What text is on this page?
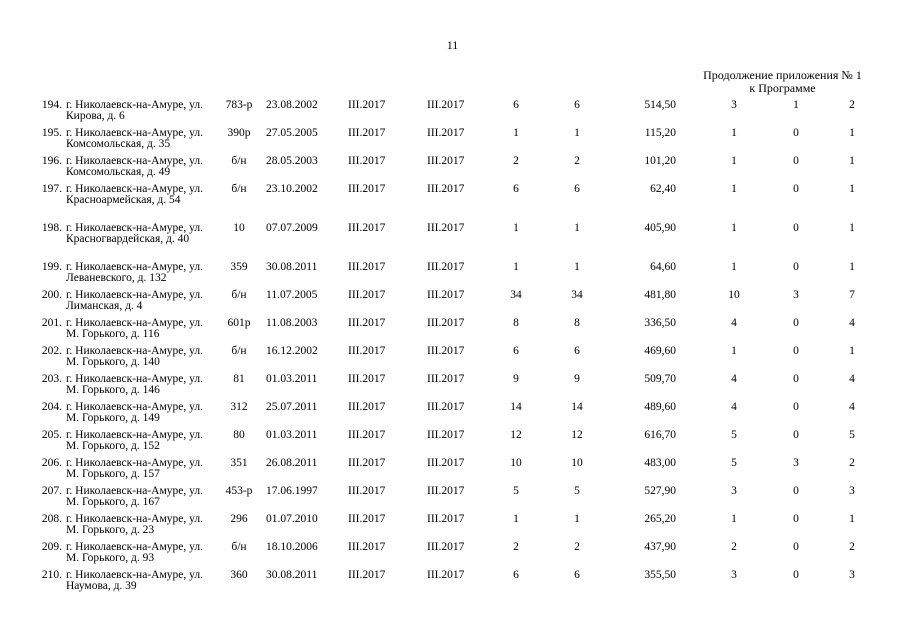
11
Продолжение приложения № 1
к Программе
194. г. Николаевск-на-Амуре, ул. Кирова, д. 6
783-р	23.08.2002	III.2017	III.2017	6	6	514,50	3	1	2
195. г. Николаевск-на-Амуре, ул. Комсомольская, д. 35
390р	27.05.2005	III.2017	III.2017	1	1	115,20	1	0	1
196. г. Николаевск-на-Амуре, ул. Комсомольская, д. 49
б/н	28.05.2003	III.2017	III.2017	2	2	101,20	1	0	1
197. г. Николаевск-на-Амуре, ул. Красноармейская, д. 54
б/н	23.10.2002	III.2017	III.2017	6	6	62,40	1	0	1
198. г. Николаевск-на-Амуре, ул. Красногвардейская, д. 40
10	07.07.2009	III.2017	III.2017	1	1	405,90	1	0	1
199. г. Николаевск-на-Амуре, ул. Леваневского, д. 132
359	30.08.2011	III.2017	III.2017	1	1	64,60	1	0	1
200. г. Николаевск-на-Амуре, ул. Лиманская, д. 4
б/н	11.07.2005	III.2017	III.2017	34	34	481,80	10	3	7
201. г. Николаевск-на-Амуре, ул. М. Горького, д. 116
601р	11.08.2003	III.2017	III.2017	8	8	336,50	4	0	4
202. г. Николаевск-на-Амуре, ул. М. Горького, д. 140
б/н	16.12.2002	III.2017	III.2017	6	6	469,60	1	0	1
203. г. Николаевск-на-Амуре, ул. М. Горького, д. 146
81	01.03.2011	III.2017	III.2017	9	9	509,70	4	0	4
204. г. Николаевск-на-Амуре, ул. М. Горького, д. 149
312	25.07.2011	III.2017	III.2017	14	14	489,60	4	0	4
205. г. Николаевск-на-Амуре, ул. М. Горького, д. 152
80	01.03.2011	III.2017	III.2017	12	12	616,70	5	0	5
206. г. Николаевск-на-Амуре, ул. М. Горького, д. 157
351	26.08.2011	III.2017	III.2017	10	10	483,00	5	3	2
207. г. Николаевск-на-Амуре, ул. М. Горького, д. 167
453-р	17.06.1997	III.2017	III.2017	5	5	527,90	3	0	3
208. г. Николаевск-на-Амуре, ул. М. Горького, д. 23
296	01.07.2010	III.2017	III.2017	1	1	265,20	1	0	1
209. г. Николаевск-на-Амуре, ул. М. Горького, д. 93
б/н	18.10.2006	III.2017	III.2017	2	2	437,90	2	0	2
210. г. Николаевск-на-Амуре, ул. Наумова, д. 39
360	30.08.2011	III.2017	III.2017	6	6	355,50	3	0	3
